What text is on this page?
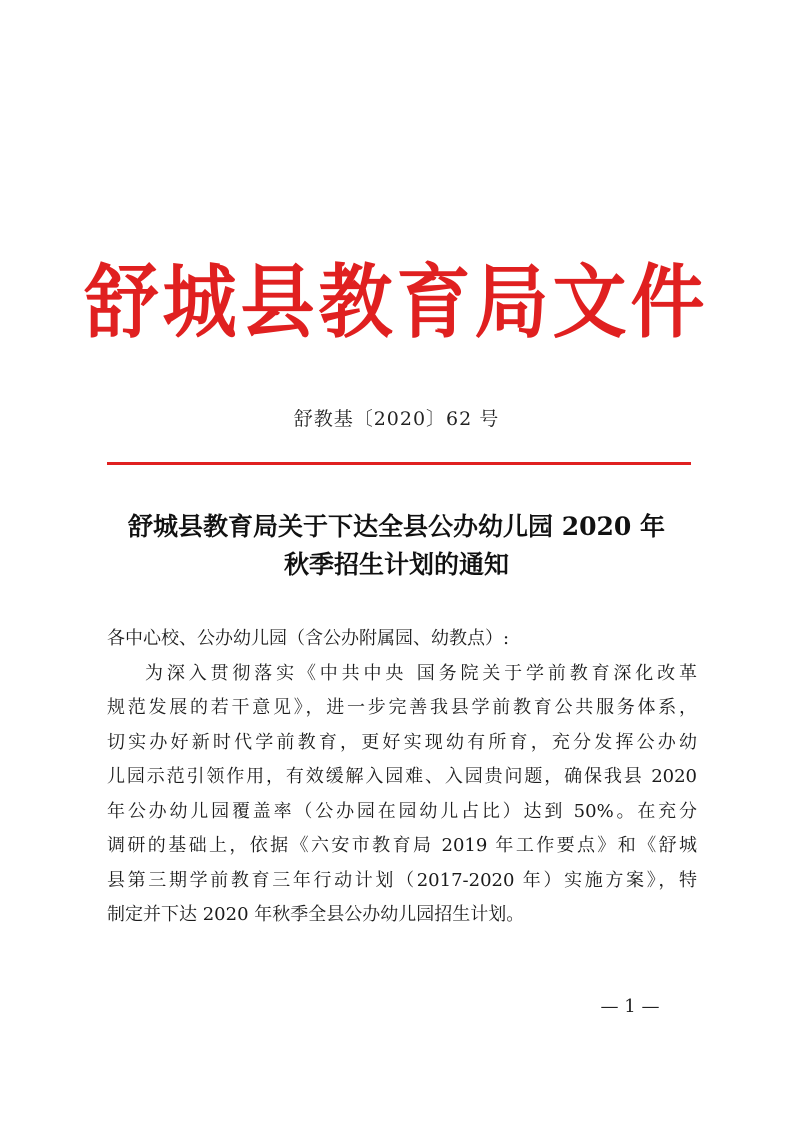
舒城县教育局文件
舒教基〔2020〕62 号
舒城县教育局关于下达全县公办幼儿园 2020 年
秋季招生计划的通知
各中心校、公办幼儿园（含公办附属园、幼教点）:
为深入贯彻落实《中共中央 国务院关于学前教育深化改革
规范发展的若干意见》，进一步完善我县学前教育公共服务体系，
切实办好新时代学前教育，更好实现幼有所育，充分发挥公办幼
儿园示范引领作用，有效缓解入园难、入园贵问题，确保我县 2020
年公办幼儿园覆盖率（公办园在园幼儿占比）达到 50%。在充分
调研的基础上，依据《六安市教育局 2019 年工作要点》和《舒城
县第三期学前教育三年行动计划（2017-2020 年）实施方案》，特
制定并下达 2020 年秋季全县公办幼儿园招生计划。
— 1 —
